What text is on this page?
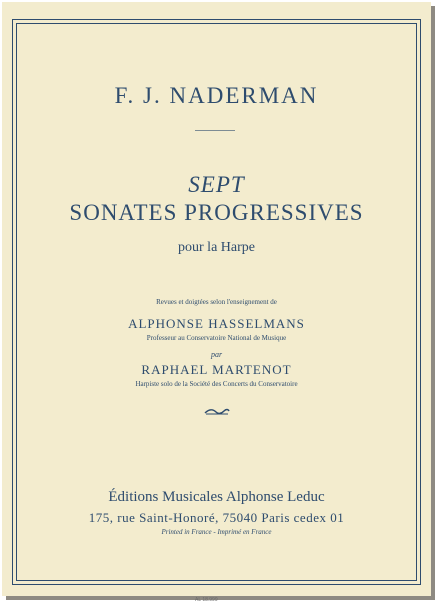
F. J. NADERMAN
SEPT
SONATES PROGRESSIVES
pour la Harpe
Revues et doigtées selon l'enseignement de
ALPHONSE HASSELMANS
Professeur au Conservatoire National de Musique
par
RAPHAEL MARTENOT
Harpiste solo de la Société des Concerts du Conservatoire
Éditions Musicales Alphonse Leduc
175, rue Saint-Honoré, 75040 Paris cedex 01
Printed in France - Imprimé en France
AL 18.999
